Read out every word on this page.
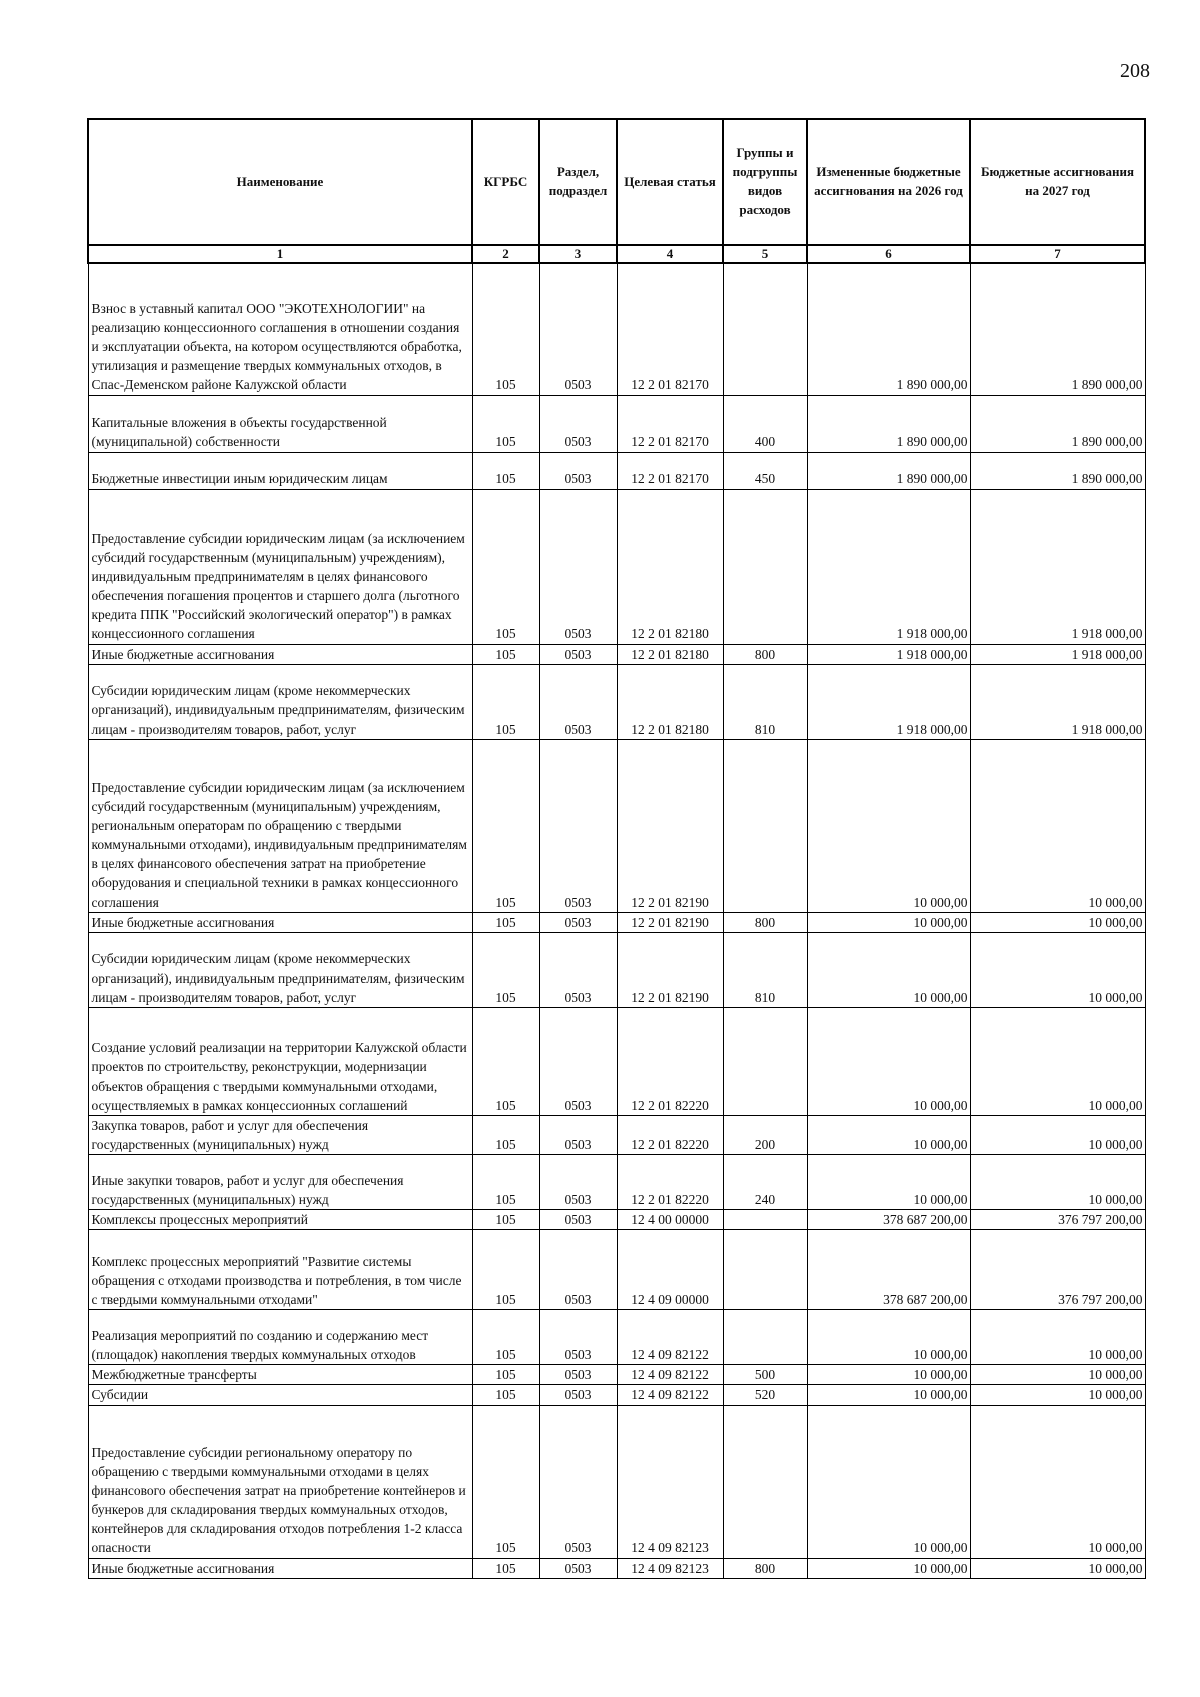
208
Наименование	КГРБС	Раздел, подраздел	Целевая статья	Группы и подгруппы видов расходов	Измененные бюджетные ассигнования на 2026 год	Бюджетные ассигнования на 2027 год
1	2	3	4	5	6	7
Взнос в уставный капитал ООО "ЭКОТЕХНОЛОГИИ" на реализацию концессионного соглашения в отношении создания и эксплуатации объекта, на котором осуществляются обработка, утилизация и размещение твердых коммунальных отходов, в Спас-Деменском районе Калужской области	105	0503	12 2 01 82170		1 890 000,00	1 890 000,00
Капитальные вложения в объекты государственной (муниципальной) собственности	105	0503	12 2 01 82170	400	1 890 000,00	1 890 000,00
Бюджетные инвестиции иным юридическим лицам	105	0503	12 2 01 82170	450	1 890 000,00	1 890 000,00
Предоставление субсидии юридическим лицам (за исключением субсидий государственным (муниципальным) учреждениям), индивидуальным предпринимателям в целях финансового обеспечения погашения процентов и старшего долга (льготного кредита ППК "Российский экологический оператор") в рамках концессионного соглашения	105	0503	12 2 01 82180		1 918 000,00	1 918 000,00
Иные бюджетные ассигнования	105	0503	12 2 01 82180	800	1 918 000,00	1 918 000,00
Субсидии юридическим лицам (кроме некоммерческих организаций), индивидуальным предпринимателям, физическим лицам - производителям товаров, работ, услуг	105	0503	12 2 01 82180	810	1 918 000,00	1 918 000,00
Предоставление субсидии юридическим лицам (за исключением субсидий государственным (муниципальным) учреждениям, региональным операторам по обращению с твердыми коммунальными отходами), индивидуальным предпринимателям в целях финансового обеспечения затрат на приобретение оборудования и специальной техники в рамках концессионного соглашения	105	0503	12 2 01 82190		10 000,00	10 000,00
Иные бюджетные ассигнования	105	0503	12 2 01 82190	800	10 000,00	10 000,00
Субсидии юридическим лицам (кроме некоммерческих организаций), индивидуальным предпринимателям, физическим лицам - производителям товаров, работ, услуг	105	0503	12 2 01 82190	810	10 000,00	10 000,00
Создание условий реализации на территории Калужской области проектов по строительству, реконструкции, модернизации объектов обращения с твердыми коммунальными отходами, осуществляемых в рамках концессионных соглашений	105	0503	12 2 01 82220		10 000,00	10 000,00
Закупка товаров, работ и услуг для обеспечения государственных (муниципальных) нужд	105	0503	12 2 01 82220	200	10 000,00	10 000,00
Иные закупки товаров, работ и услуг для обеспечения государственных (муниципальных) нужд	105	0503	12 2 01 82220	240	10 000,00	10 000,00
Комплексы процессных мероприятий	105	0503	12 4 00 00000		378 687 200,00	376 797 200,00
Комплекс процессных мероприятий "Развитие системы обращения с отходами производства и потребления, в том числе с твердыми коммунальными отходами"	105	0503	12 4 09 00000		378 687 200,00	376 797 200,00
Реализация мероприятий по созданию и содержанию мест (площадок) накопления твердых коммунальных отходов	105	0503	12 4 09 82122		10 000,00	10 000,00
Межбюджетные трансферты	105	0503	12 4 09 82122	500	10 000,00	10 000,00
Субсидии	105	0503	12 4 09 82122	520	10 000,00	10 000,00
Предоставление субсидии региональному оператору по обращению с твердыми коммунальными отходами в целях финансового обеспечения затрат на приобретение контейнеров и бункеров для складирования твердых коммунальных отходов, контейнеров для складирования отходов потребления 1-2 класса опасности	105	0503	12 4 09 82123		10 000,00	10 000,00
Иные бюджетные ассигнования	105	0503	12 4 09 82123	800	10 000,00	10 000,00
